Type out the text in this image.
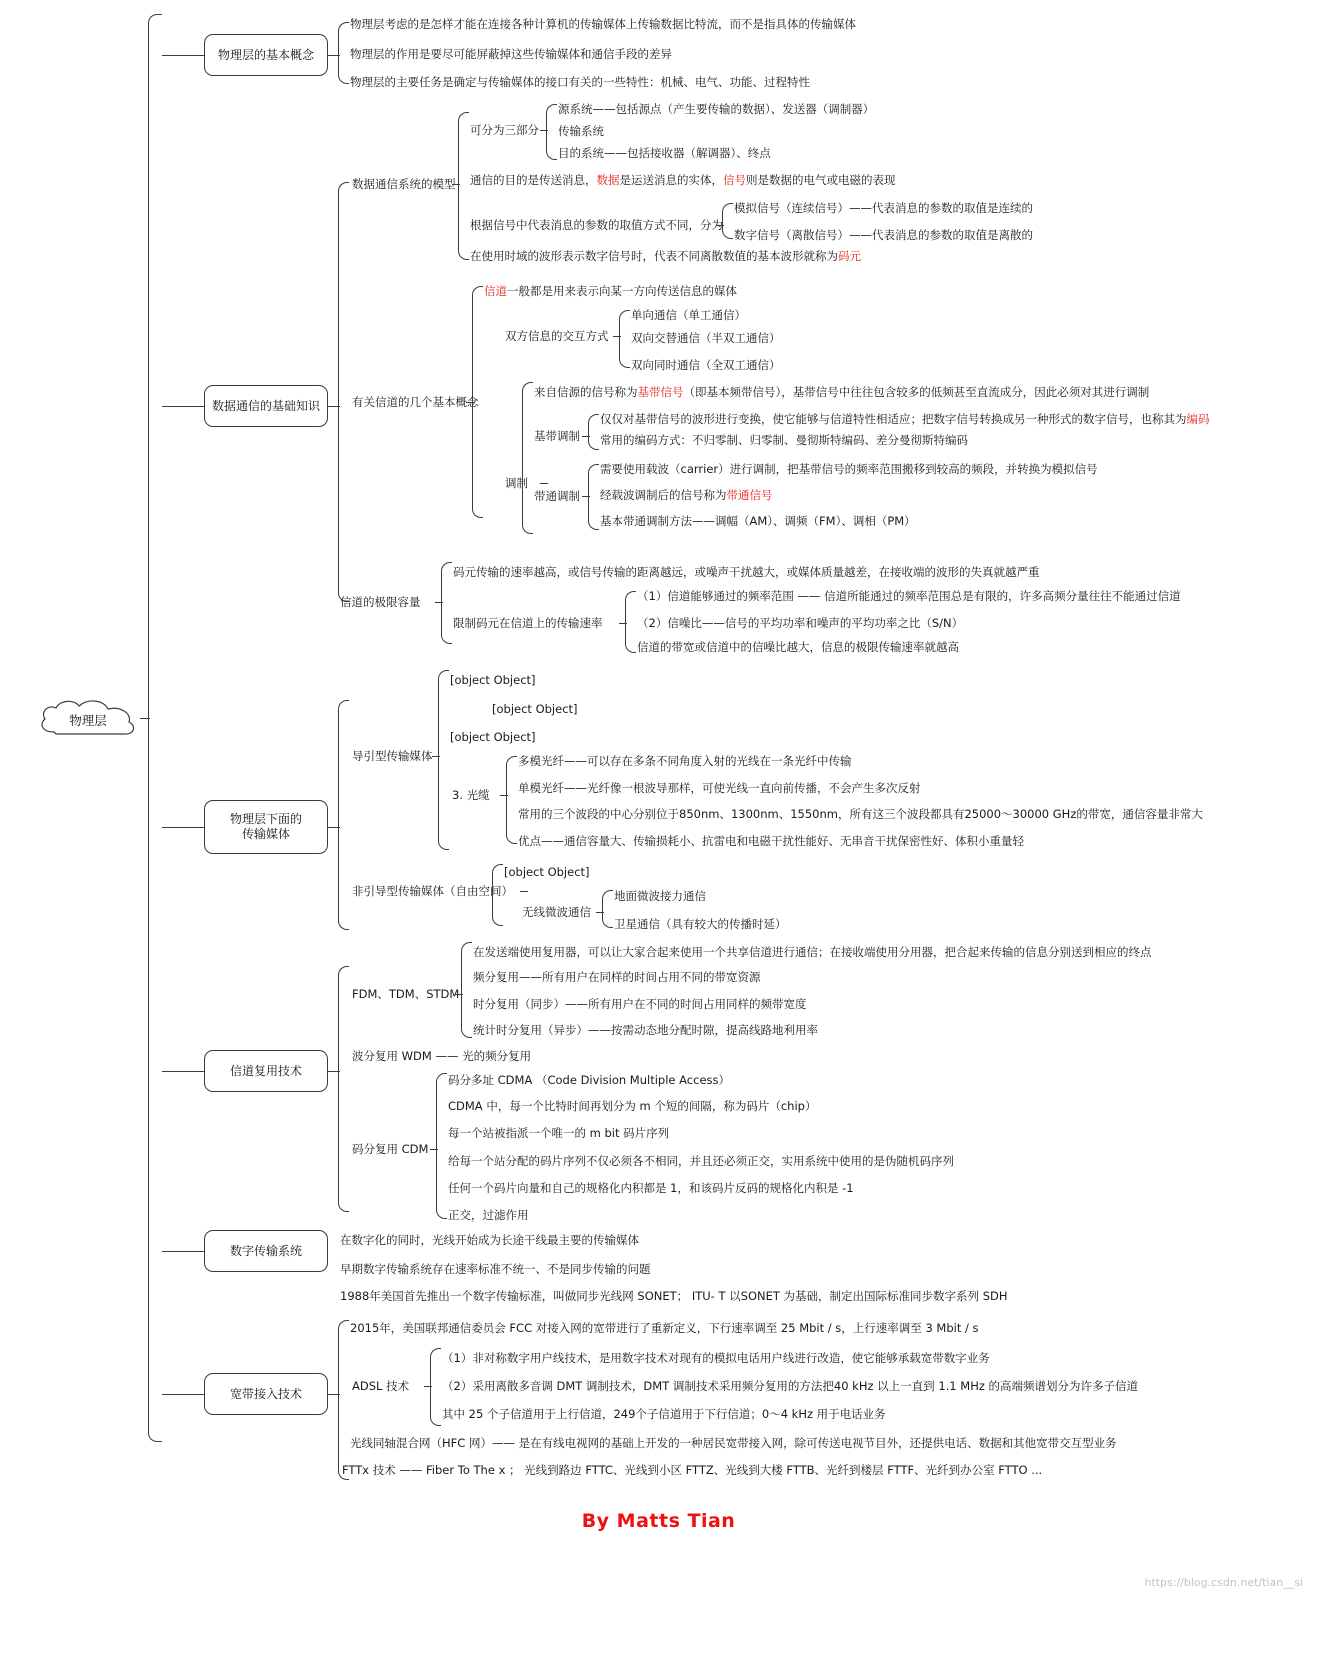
物理层
物理层的基本概念
物理层考虑的是怎样才能在连接各种计算机的传输媒体上传输数据比特流，而不是指具体的传输媒体
物理层的作用是要尽可能屏蔽掉这些传输媒体和通信手段的差异
物理层的主要任务是确定与传输媒体的接口有关的一些特性：机械、电气、功能、过程特性
数据通信的基础知识
数据通信系统的模型
可分为三部分
源系统——包括源点（产生要传输的数据）、发送器（调制器）
传输系统
目的系统——包括接收器（解调器）、终点
通信的目的是传送消息，数据是运送消息的实体，信号则是数据的电气或电磁的表现
根据信号中代表消息的参数的取值方式不同，分为
模拟信号（连续信号）——代表消息的参数的取值是连续的
数字信号（离散信号）——代表消息的参数的取值是离散的
在使用时域的波形表示数字信号时，代表不同离散数值的基本波形就称为码元
有关信道的几个基本概念
信道一般都是用来表示向某一方向传送信息的媒体
双方信息的交互方式
单向通信（单工通信）
双向交替通信（半双工通信）
双向同时通信（全双工通信）
调制
来自信源的信号称为基带信号（即基本频带信号），基带信号中往往包含较多的低频甚至直流成分，因此必须对其进行调制
基带调制
仅仅对基带信号的波形进行变换，使它能够与信道特性相适应；把数字信号转换成另一种形式的数字信号，也称其为编码
常用的编码方式：不归零制、归零制、曼彻斯特编码、差分曼彻斯特编码
带通调制
需要使用载波（carrier）进行调制，把基带信号的频率范围搬移到较高的频段，并转换为模拟信号
经载波调制后的信号称为带通信号
基本带通调制方法——调幅（AM）、调频（FM）、调相（PM）
信道的极限容量
码元传输的速率越高，或信号传输的距离越远，或噪声干扰越大，或媒体质量越差，在接收端的波形的失真就越严重
限制码元在信道上的传输速率
（1）信道能够通过的频率范围 —— 信道所能通过的频率范围总是有限的，许多高频分量往往不能通过信道
（2）信噪比——信号的平均功率和噪声的平均功率之比（S/N）
信道的带宽或信道中的信噪比越大，信息的极限传输速率就越高
物理层下面的
传输媒体
导引型传输媒体
[object Object]
[object Object]
[object Object]
3. 光缆
多模光纤——可以存在多条不同角度入射的光线在一条光纤中传输
单模光纤——光纤像一根波导那样，可使光线一直向前传播，不会产生多次反射
常用的三个波段的中心分别位于850nm、1300nm、1550nm，所有这三个波段都具有25000～30000 GHz的带宽，通信容量非常大
优点——通信容量大、传输损耗小、抗雷电和电磁干扰性能好、无串音干扰保密性好、体积小重量轻
非引导型传输媒体（自由空间）
[object Object]
无线微波通信
地面微波接力通信
卫星通信（具有较大的传播时延）
信道复用技术
FDM、TDM、STDM
在发送端使用复用器，可以让大家合起来使用一个共享信道进行通信；在接收端使用分用器，把合起来传输的信息分别送到相应的终点
频分复用——所有用户在同样的时间占用不同的带宽资源
时分复用（同步）——所有用户在不同的时间占用同样的频带宽度
统计时分复用（异步）——按需动态地分配时隙，提高线路地利用率
波分复用 WDM —— 光的频分复用
码分复用 CDM
码分多址 CDMA （Code Division Multiple Access）
CDMA 中，每一个比特时间再划分为 m 个短的间隔，称为码片（chip）
每一个站被指派一个唯一的 m bit 码片序列
给每一个站分配的码片序列不仅必须各不相同，并且还必须正交，实用系统中使用的是伪随机码序列
任何一个码片向量和自己的规格化内积都是 1，和该码片反码的规格化内积是 -1
正交，过滤作用
数字传输系统
在数字化的同时，光线开始成为长途干线最主要的传输媒体
早期数字传输系统存在速率标准不统一、不是同步传输的问题
1988年美国首先推出一个数字传输标准，叫做同步光线网 SONET； ITU- T 以SONET 为基础，制定出国际标准同步数字系列 SDH
宽带接入技术
2015年，美国联邦通信委员会 FCC 对接入网的宽带进行了重新定义，下行速率调至 25 Mbit / s，上行速率调至 3 Mbit / s
ADSL 技术
（1）非对称数字用户线技术，是用数字技术对现有的模拟电话用户线进行改造，使它能够承载宽带数字业务
（2）采用离散多音调 DMT 调制技术，DMT 调制技术采用频分复用的方法把40 kHz 以上一直到 1.1 MHz 的高端频谱划分为许多子信道
其中 25 个子信道用于上行信道，249个子信道用于下行信道；0～4 kHz 用于电话业务
光线同轴混合网（HFC 网）—— 是在有线电视网的基础上开发的一种居民宽带接入网，除可传送电视节目外，还提供电话、数据和其他宽带交互型业务
FTTx 技术 —— Fiber To The x ； 光线到路边 FTTC、光线到小区 FTTZ、光线到大楼 FTTB、光纤到楼层 FTTF、光纤到办公室 FTTO ...
By Matts Tian
https://blog.csdn.net/tian__si
